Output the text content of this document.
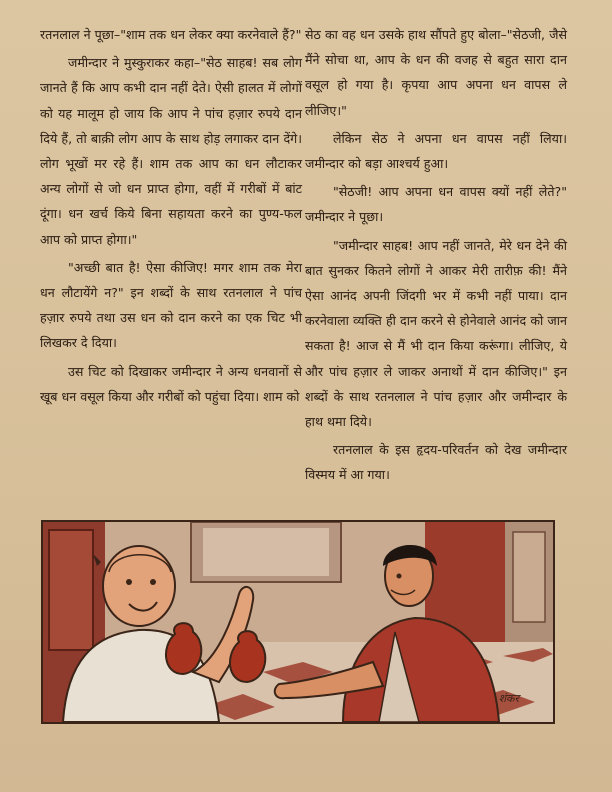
रतनलाल ने पूछा–"शाम तक धन लेकर क्या करनेवाले हैं?"

जमीन्दार ने मुस्कुराकर कहा–"सेठ साहब! सब लोग जानते हैं कि आप कभी दान नहीं देते। ऐसी हालत में लोगों को यह मालूम हो जाय कि आप ने पांच हज़ार रुपये दान दिये हैं, तो बाक़ी लोग आप के साथ होड़ लगाकर दान देंगे। लोग भूखों मर रहे हैं। शाम तक आप का धन लौटाकर अन्य लोगों से जो धन प्राप्त होगा, वहीं में गरीबों में बांट दूंगा। धन खर्च किये बिना सहायता करने का पुण्य-फल आप को प्राप्त होगा।"

"अच्छी बात है! ऐसा कीजिए! मगर शाम तक मेरा धन लौटायेंगे न?" इन शब्दों के साथ रतनलाल ने पांच हज़ार रुपये तथा उस धन को दान करने का एक चिट भी लिखकर दे दिया।

उस चिट को दिखाकर जमीन्दार ने अन्य धनवानों से खूब धन वसूल किया और गरीबों को पहुंचा दिया। शाम को

सेठ का वह धन उसके हाथ सौंपते हुए बोला–"सेठजी, जैसे मैंने सोचा था, आप के धन की वजह से बहुत सारा दान वसूल हो गया है। कृपया आप अपना धन वापस ले लीजिए।"

लेकिन सेठ ने अपना धन वापस नहीं लिया। जमीन्दार को बड़ा आश्चर्य हुआ।

"सेठजी! आप अपना धन वापस क्यों नहीं लेते?" जमीन्दार ने पूछा।

"जमीन्दार साहब! आप नहीं जानते, मेरे धन देने की बात सुनकर कितने लोगों ने आकर मेरी तारीफ़ की! मैंने ऐसा आनंद अपनी जिंदगी भर में कभी नहीं पाया। दान करनेवाला व्यक्ति ही दान करने से होनेवाले आनंद को जान सकता है! आज से मैं भी दान किया करूंगा। लीजिए, ये और पांच हज़ार ले जाकर अनाथों में दान कीजिए।" इन शब्दों के साथ रतनलाल ने पांच हज़ार और जमीन्दार के हाथ थमा दिये।

रतनलाल के इस हृदय-परिवर्तन को देख जमीन्दार विस्मय में आ गया।

शंकर
